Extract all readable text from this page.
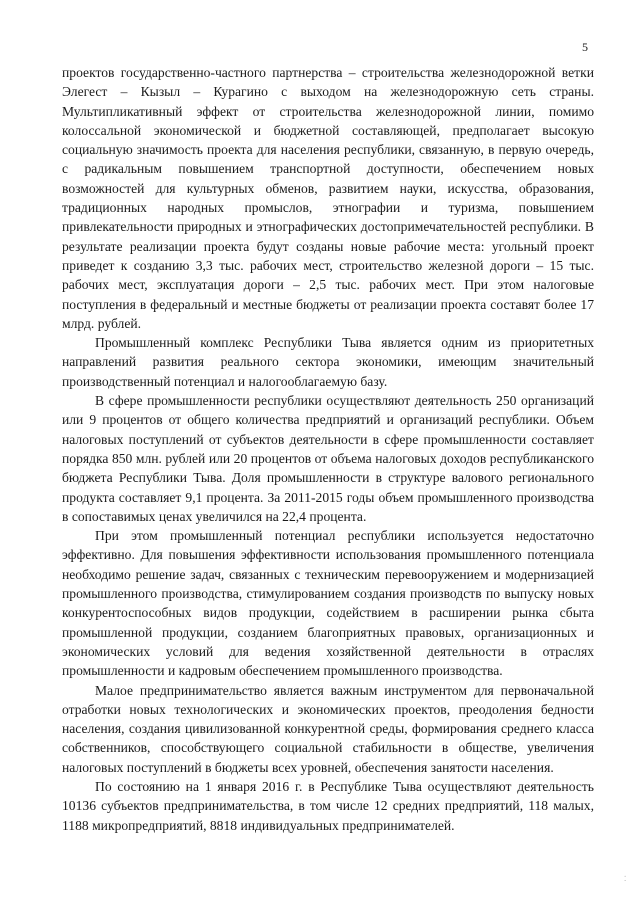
5

проектов государственно-частного партнерства – строительства железнодорожной ветки Элегест – Кызыл – Курагино с выходом на железнодорожную сеть страны. Мультипликативный эффект от строительства железнодорожной линии, помимо колоссальной экономической и бюджетной составляющей, предполагает высокую социальную значимость проекта для населения республики, связанную, в первую очередь, с радикальным повышением транспортной доступности, обеспечением новых возможностей для культурных обменов, развитием науки, искусства, образования, традиционных народных промыслов, этнографии и туризма, повышением привлекательности природных и этнографических достопримечательностей республики. В результате реализации проекта будут созданы новые рабочие места: угольный проект приведет к созданию 3,3 тыс. рабочих мест, строительство железной дороги – 15 тыс. рабочих мест, эксплуатация дороги – 2,5 тыс. рабочих мест. При этом налоговые поступления в федеральный и местные бюджеты от реализации проекта составят более 17 млрд. рублей.

Промышленный комплекс Республики Тыва является одним из приоритетных направлений развития реального сектора экономики, имеющим значительный производственный потенциал и налогооблагаемую базу.

В сфере промышленности республики осуществляют деятельность 250 организаций или 9 процентов от общего количества предприятий и организаций республики. Объем налоговых поступлений от субъектов деятельности в сфере промышленности составляет порядка 850 млн. рублей или 20 процентов от объема налоговых доходов республиканского бюджета Республики Тыва. Доля промышленности в структуре валового регионального продукта составляет 9,1 процента. За 2011-2015 годы объем промышленного производства в сопоставимых ценах увеличился на 22,4 процента.

При этом промышленный потенциал республики используется недостаточно эффективно. Для повышения эффективности использования промышленного потенциала необходимо решение задач, связанных с техническим перевооружением и модернизацией промышленного производства, стимулированием создания производств по выпуску новых конкурентоспособных видов продукции, содействием в расширении рынка сбыта промышленной продукции, созданием благоприятных правовых, организационных и экономических условий для ведения хозяйственной деятельности в отраслях промышленности и кадровым обеспечением промышленного производства.

Малое предпринимательство является важным инструментом для первоначальной отработки новых технологических и экономических проектов, преодоления бедности населения, создания цивилизованной конкурентной среды, формирования среднего класса собственников, способствующего социальной стабильности в обществе, увеличения налоговых поступлений в бюджеты всех уровней, обеспечения занятости населения.

По состоянию на 1 января 2016 г. в Республике Тыва осуществляют деятельность 10136 субъектов предпринимательства, в том числе 12 средних предприятий, 118 малых, 1188 микропредприятий, 8818 индивидуальных предпринимателей.

⁚
